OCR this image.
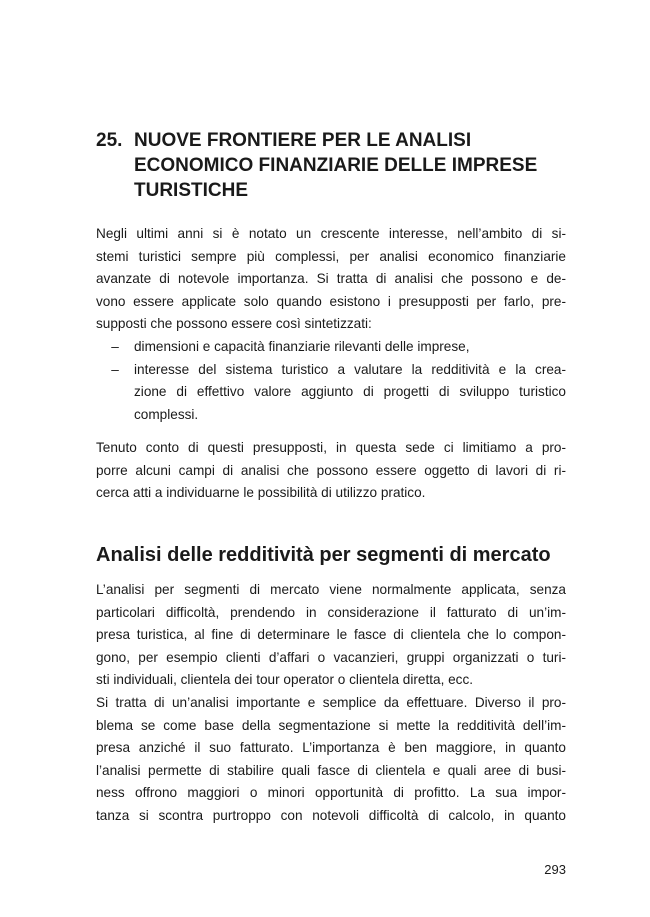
25. NUOVE FRONTIERE PER LE ANALISI
ECONOMICO FINANZIARIE DELLE IMPRESE
TURISTICHE
Negli ultimi anni si è notato un crescente interesse, nell’ambito di si-
stemi turistici sempre più complessi, per analisi economico finanziarie
avanzate di notevole importanza. Si tratta di analisi che possono e de-
vono essere applicate solo quando esistono i presupposti per farlo, pre-
supposti che possono essere così sintetizzati:
–	dimensioni e capacità finanziarie rilevanti delle imprese,
–	interesse del sistema turistico a valutare la redditività e la crea-
zione di effettivo valore aggiunto di progetti di sviluppo turistico
complessi.
Tenuto conto di questi presupposti, in questa sede ci limitiamo a pro-
porre alcuni campi di analisi che possono essere oggetto di lavori di ri-
cerca atti a individuarne le possibilità di utilizzo pratico.
Analisi delle redditività per segmenti di mercato
L’analisi per segmenti di mercato viene normalmente applicata, senza
particolari difficoltà, prendendo in considerazione il fatturato di un’im-
presa turistica, al fine di determinare le fasce di clientela che lo compon-
gono, per esempio clienti d’affari o vacanzieri, gruppi organizzati o turi-
sti individuali, clientela dei tour operator o clientela diretta, ecc.
Si tratta di un’analisi importante e semplice da effettuare. Diverso il pro-
blema se come base della segmentazione si mette la redditività dell’im-
presa anziché il suo fatturato. L’importanza è ben maggiore, in quanto
l’analisi permette di stabilire quali fasce di clientela e quali aree di busi-
ness offrono maggiori o minori opportunità di profitto. La sua impor-
tanza si scontra purtroppo con notevoli difficoltà di calcolo, in quanto
293
